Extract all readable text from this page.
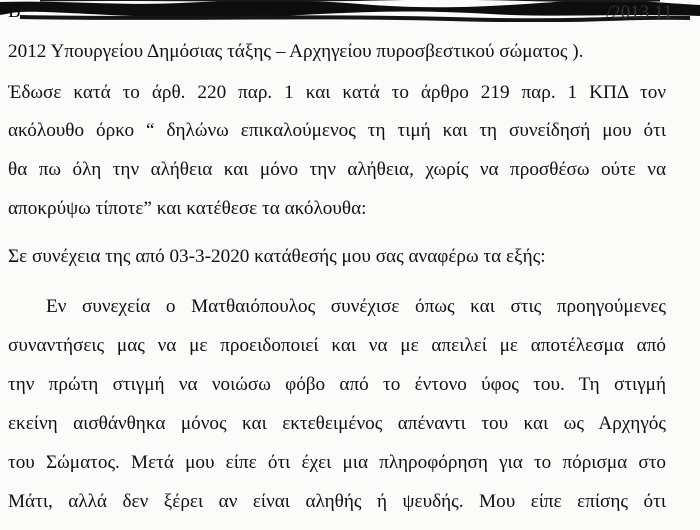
Β	/2013 11
2012 Υπουργείου Δημόσιας τάξης – Αρχηγείου πυροσβεστικού σώματος ).
Έδωσε κατά το άρθ. 220 παρ. 1 και κατά το άρθρο 219 παρ. 1 ΚΠΔ τον
ακόλουθο όρκο “ δηλώνω επικαλούμενος τη τιμή και τη συνείδησή μου ότι
θα πω όλη την αλήθεια και μόνο την αλήθεια, χωρίς να προσθέσω ούτε να
αποκρύψω τίποτε” και κατέθεσε τα ακόλουθα:
Σε συνέχεια της από 03-3-2020 κατάθεσής μου σας αναφέρω τα εξής:
Εν συνεχεία ο Ματθαιόπουλος συνέχισε όπως και στις προηγούμενες
συναντήσεις μας να με προειδοποιεί και να με απειλεί με αποτέλεσμα από
την πρώτη στιγμή να νοιώσω φόβο από το έντονο ύφος του. Τη στιγμή
εκείνη αισθάνθηκα μόνος και εκτεθειμένος απέναντι του και ως Αρχηγός
του Σώματος. Μετά μου είπε ότι έχει μια πληροφόρηση για το πόρισμα στο
Μάτι, αλλά δεν ξέρει αν είναι αληθής ή ψευδής. Μου είπε επίσης ότι
